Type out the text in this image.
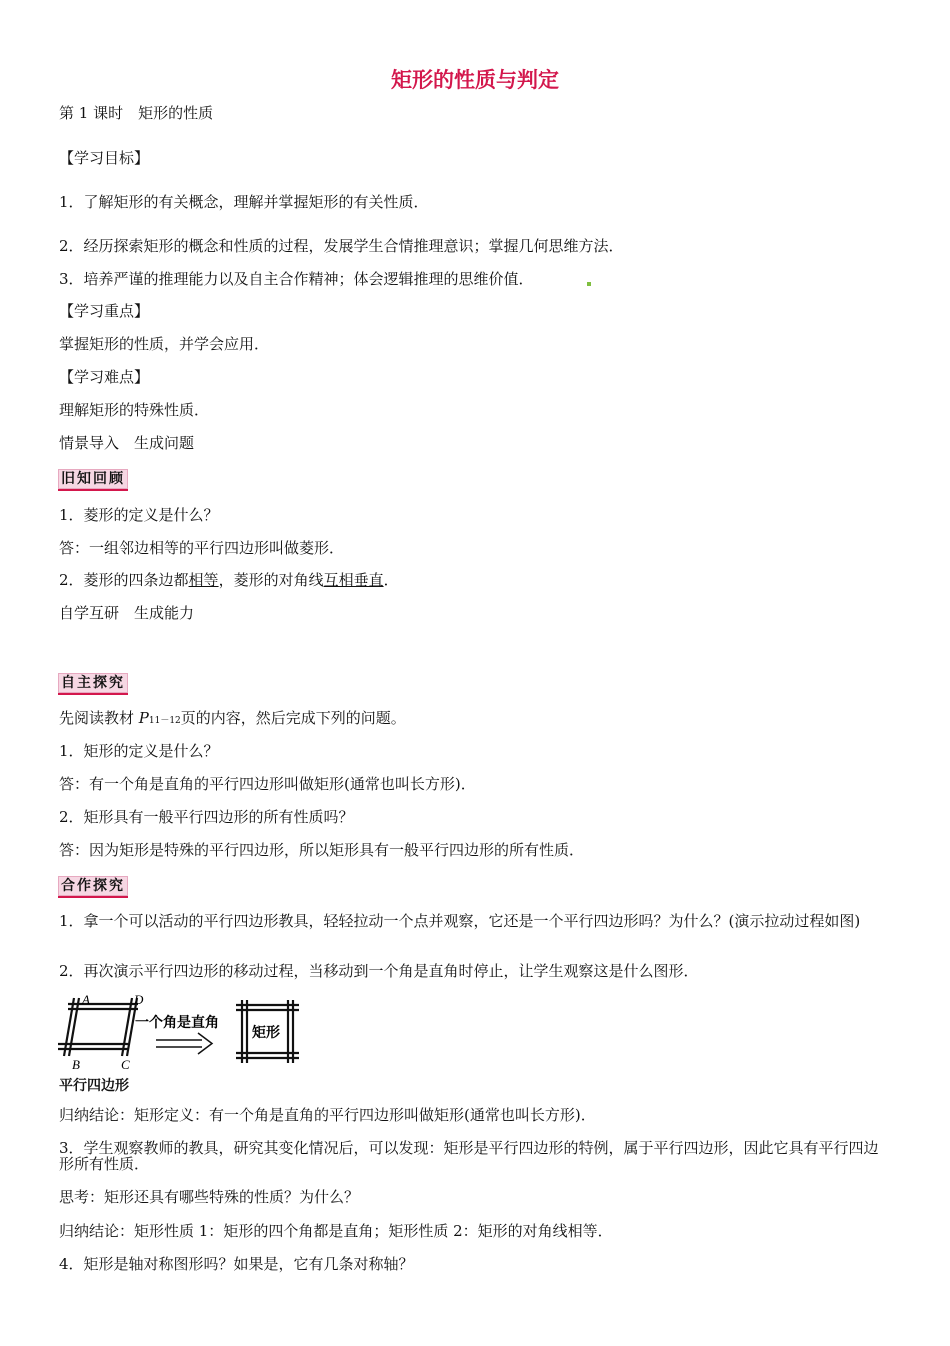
矩形的性质与判定
第 1 课时　矩形的性质
【学习目标】
1．了解矩形的有关概念，理解并掌握矩形的有关性质．
2．经历探索矩形的概念和性质的过程，发展学生合情推理意识；掌握几何思维方法．
3．培养严谨的推理能力以及自主合作精神；体会逻辑推理的思维价值．
【学习重点】
掌握矩形的性质，并学会应用．
【学习难点】
理解矩形的特殊性质．
情景导入　生成问题
旧知回顾
1．菱形的定义是什么？
答：一组邻边相等的平行四边形叫做菱形．
2．菱形的四条边都相等，菱形的对角线互相垂直．
自学互研　生成能力
自主探究
先阅读教材 P11－12页的内容，然后完成下列的问题。
1．矩形的定义是什么？
答：有一个角是直角的平行四边形叫做矩形(通常也叫长方形)．
2．矩形具有一般平行四边形的所有性质吗？
答：因为矩形是特殊的平行四边形，所以矩形具有一般平行四边形的所有性质．
合作探究
1．拿一个可以活动的平行四边形教具，轻轻拉动一个点并观察，它还是一个平行四边形吗？为什么？(演示拉动过程如图)
2．再次演示平行四边形的移动过程，当移动到一个角是直角时停止，让学生观察这是什么图形．
A	D
B	C
一个角是直角
矩形
平行四边形
归纳结论：矩形定义：有一个角是直角的平行四边形叫做矩形(通常也叫长方形)．
3．学生观察教师的教具，研究其变化情况后，可以发现：矩形是平行四边形的特例，属于平行四边形，因此它具有平行四边形所有性质．
思考：矩形还具有哪些特殊的性质？为什么？
归纳结论：矩形性质 1：矩形的四个角都是直角；矩形性质 2：矩形的对角线相等．
4．矩形是轴对称图形吗？如果是，它有几条对称轴？
